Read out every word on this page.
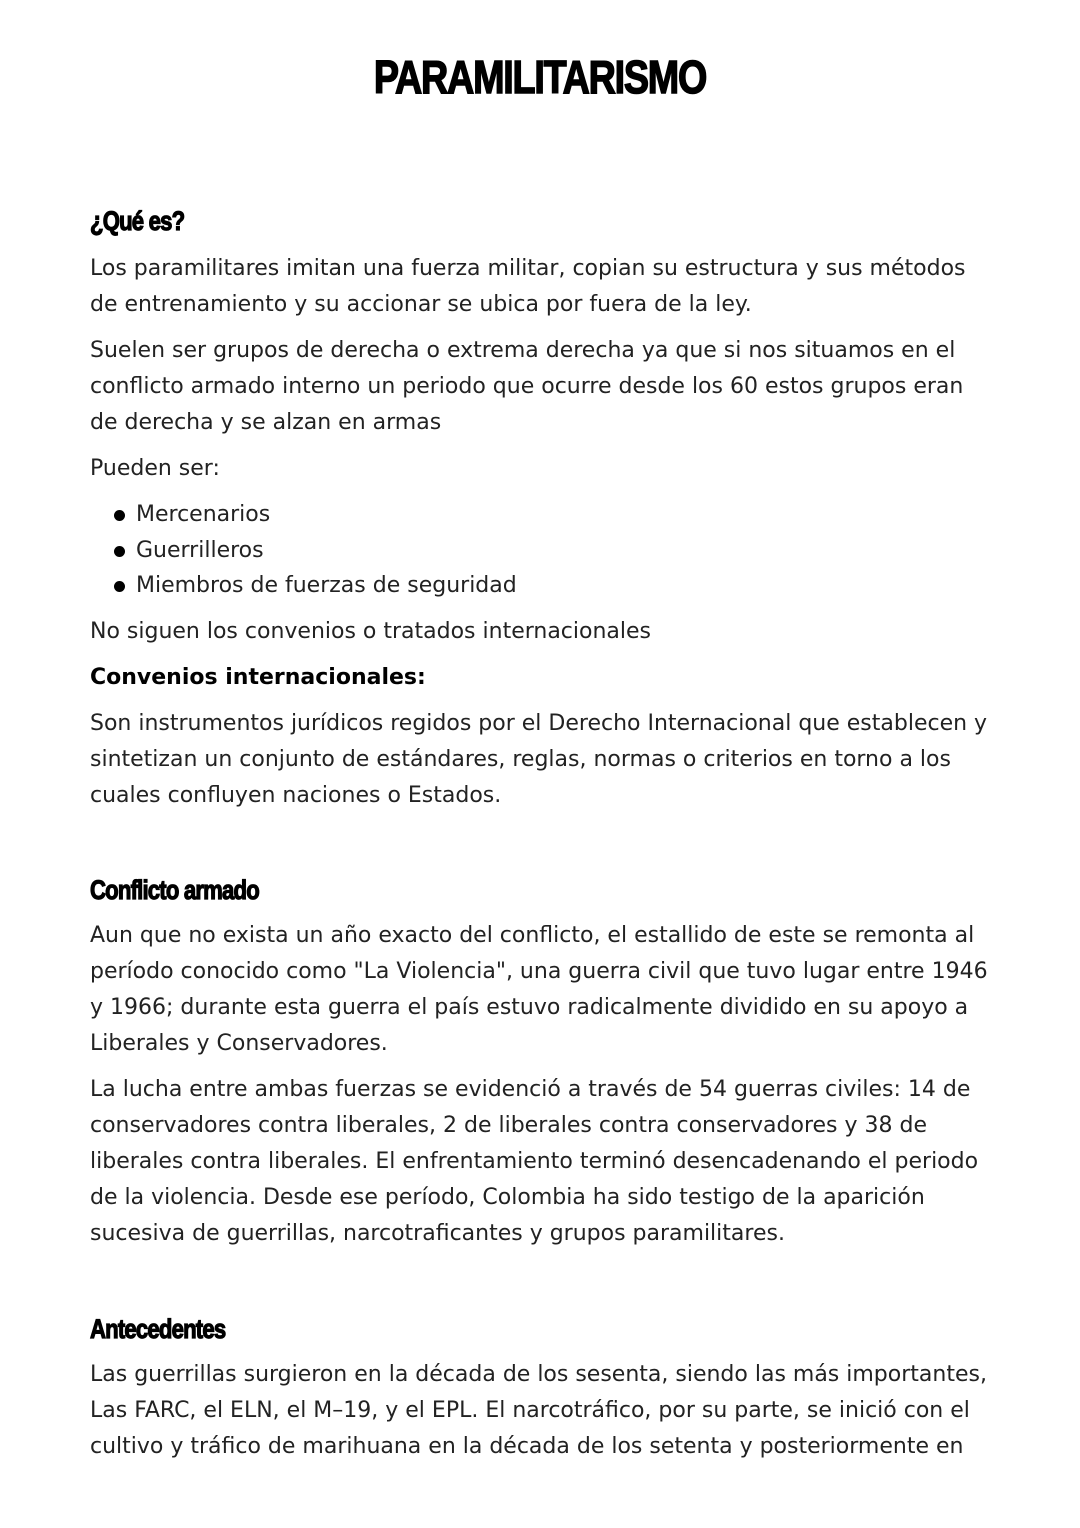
PARAMILITARISMO
¿Qué es?

Los paramilitares imitan una fuerza militar, copian su estructura y sus métodos de entrenamiento y su accionar se ubica por fuera de la ley.

Suelen ser grupos de derecha o extrema derecha ya que si nos situamos en el conflicto armado interno un periodo que ocurre desde los 60 estos grupos eran de derecha y se alzan en armas

Pueden ser:

Mercenarios
Guerrilleros
Miembros de fuerzas de seguridad

No siguen los convenios o tratados internacionales

Convenios internacionales:

Son instrumentos jurídicos regidos por el Derecho Internacional que establecen y sintetizan un conjunto de estándares, reglas, normas o criterios en torno a los cuales confluyen naciones o Estados.

Conflicto armado

Aun que no exista un año exacto del conflicto, el estallido de este se remonta al período conocido como "La Violencia", una guerra civil que tuvo lugar entre 1946 y 1966; durante esta guerra el país estuvo radicalmente dividido en su apoyo a Liberales y Conservadores.

La lucha entre ambas fuerzas se evidenció a través de 54 guerras civiles: 14 de conservadores contra liberales, 2 de liberales contra conservadores y 38 de liberales contra liberales. El enfrentamiento terminó desencadenando el periodo de la violencia. Desde ese período, Colombia ha sido testigo de la aparición sucesiva de guerrillas, narcotraficantes y grupos paramilitares.

Antecedentes

Las guerrillas surgieron en la década de los sesenta, siendo las más importantes, Las FARC, el ELN, el M–19, y el EPL. El narcotráfico, por su parte, se inició con el cultivo y tráfico de marihuana en la década de los setenta y posteriormente en
